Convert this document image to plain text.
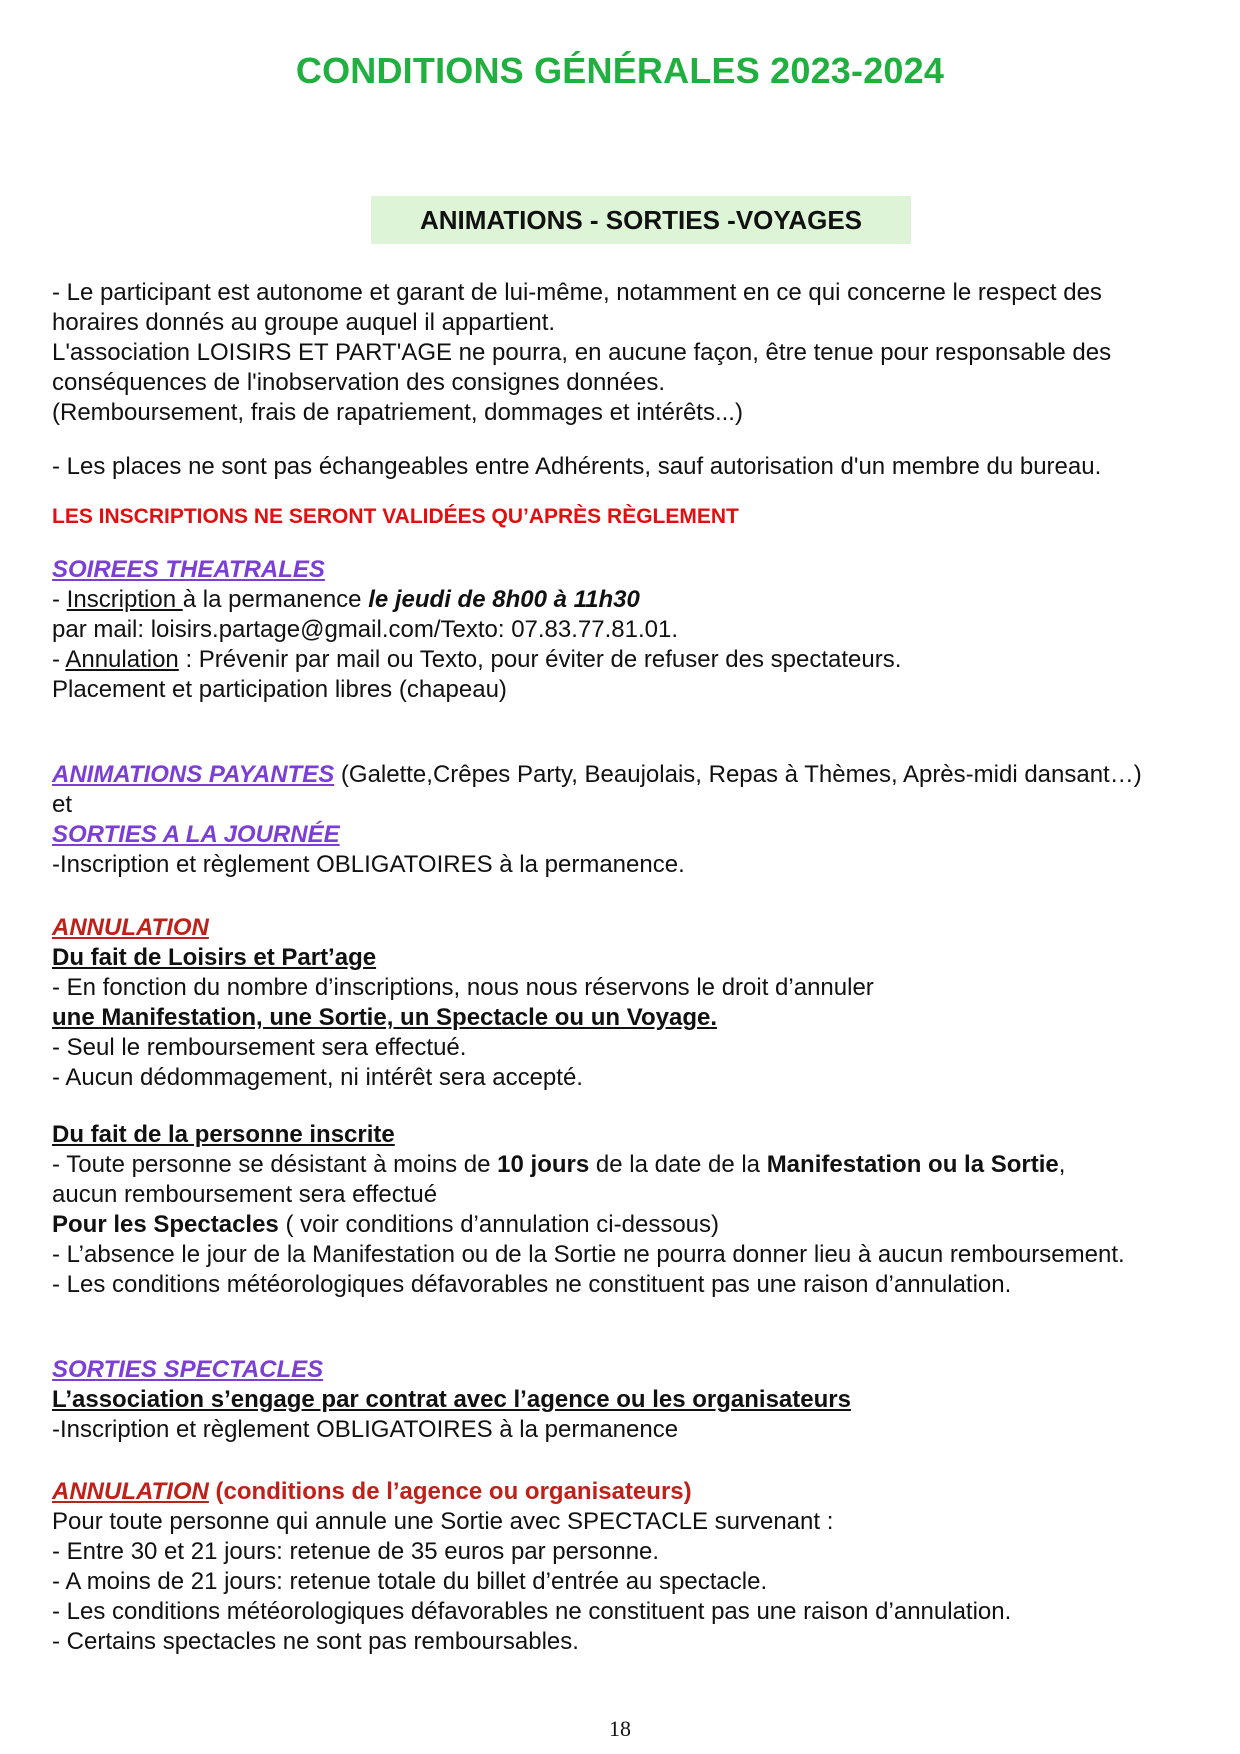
CONDITIONS GÉNÉRALES 2023-2024
ANIMATIONS - SORTIES -VOYAGES
- Le participant est autonome et garant de lui-même, notamment en ce qui concerne le respect des
horaires donnés au groupe auquel il appartient.
L'association LOISIRS ET PART'AGE ne pourra, en aucune façon, être tenue pour responsable des
conséquences de l'inobservation des consignes données.
(Remboursement, frais de rapatriement, dommages et intérêts...)
- Les places ne sont pas échangeables entre Adhérents, sauf autorisation d'un membre du bureau.
LES INSCRIPTIONS NE SERONT VALIDÉES QU’APRÈS RÈGLEMENT
SOIREES THEATRALES
- Inscription à la permanence le jeudi de 8h00 à 11h30
par mail: loisirs.partage@gmail.com/Texto: 07.83.77.81.01.
- Annulation : Prévenir par mail ou Texto, pour éviter de refuser des spectateurs.
Placement et participation libres (chapeau)
ANIMATIONS PAYANTES (Galette,Crêpes Party, Beaujolais, Repas à Thèmes, Après-midi dansant…)
et
SORTIES A LA JOURNÉE
-Inscription et règlement OBLIGATOIRES à la permanence.
ANNULATION
Du fait de Loisirs et Part’age
- En fonction du nombre d’inscriptions, nous nous réservons le droit d’annuler
une Manifestation, une Sortie, un Spectacle ou un Voyage.
- Seul le remboursement sera effectué.
- Aucun dédommagement, ni intérêt sera accepté.
Du fait de la personne inscrite
- Toute personne se désistant à moins de 10 jours de la date de la Manifestation ou la Sortie,
aucun remboursement sera effectué
Pour les Spectacles ( voir conditions d’annulation ci-dessous)
- L’absence le jour de la Manifestation ou de la Sortie ne pourra donner lieu à aucun remboursement.
- Les conditions météorologiques défavorables ne constituent pas une raison d’annulation.
SORTIES SPECTACLES
L’association s’engage par contrat avec l’agence ou les organisateurs
-Inscription et règlement OBLIGATOIRES à la permanence
ANNULATION (conditions de l’agence ou organisateurs)
Pour toute personne qui annule une Sortie avec SPECTACLE survenant :
- Entre 30 et 21 jours: retenue de 35 euros par personne.
- A moins de 21 jours: retenue totale du billet d’entrée au spectacle.
- Les conditions météorologiques défavorables ne constituent pas une raison d’annulation.
- Certains spectacles ne sont pas remboursables.
18
